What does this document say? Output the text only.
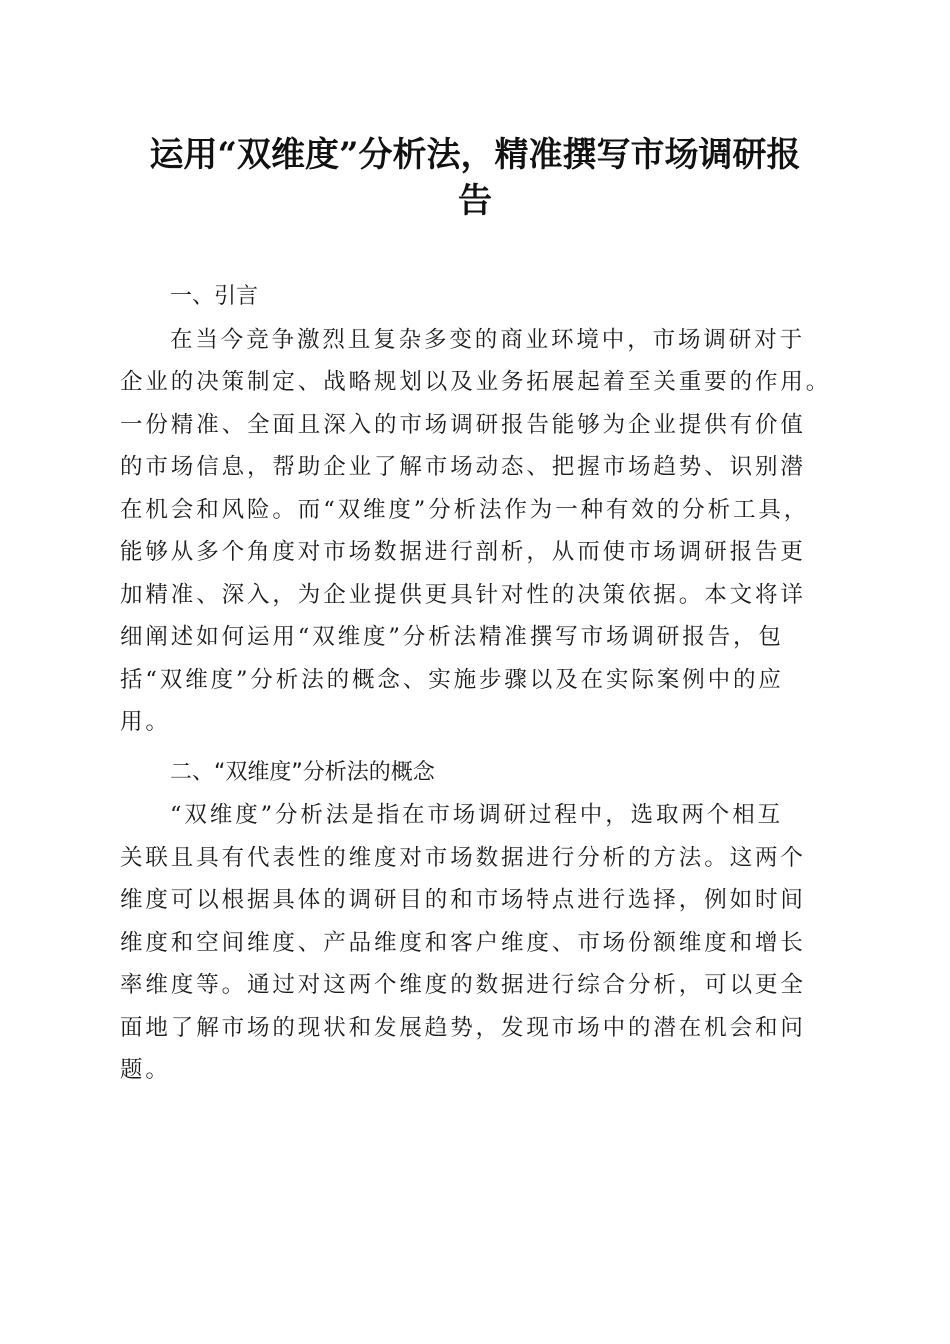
运用“双维度”分析法，精准撰写市场调研报
告
一、引言

在当今竞争激烈且复杂多变的商业环境中，市场调研对于
企业的决策制定、战略规划以及业务拓展起着至关重要的作用。
一份精准、全面且深入的市场调研报告能够为企业提供有价值
的市场信息，帮助企业了解市场动态、把握市场趋势、识别潜
在机会和风险。而“双维度”分析法作为一种有效的分析工具，
能够从多个角度对市场数据进行剖析，从而使市场调研报告更
加精准、深入，为企业提供更具针对性的决策依据。本文将详
细阐述如何运用“双维度”分析法精准撰写市场调研报告，包
括“双维度”分析法的概念、实施步骤以及在实际案例中的应
用。

二、“双维度”分析法的概念

“双维度”分析法是指在市场调研过程中，选取两个相互
关联且具有代表性的维度对市场数据进行分析的方法。这两个
维度可以根据具体的调研目的和市场特点进行选择，例如时间
维度和空间维度、产品维度和客户维度、市场份额维度和增长
率维度等。通过对这两个维度的数据进行综合分析，可以更全
面地了解市场的现状和发展趋势，发现市场中的潜在机会和问
题。
